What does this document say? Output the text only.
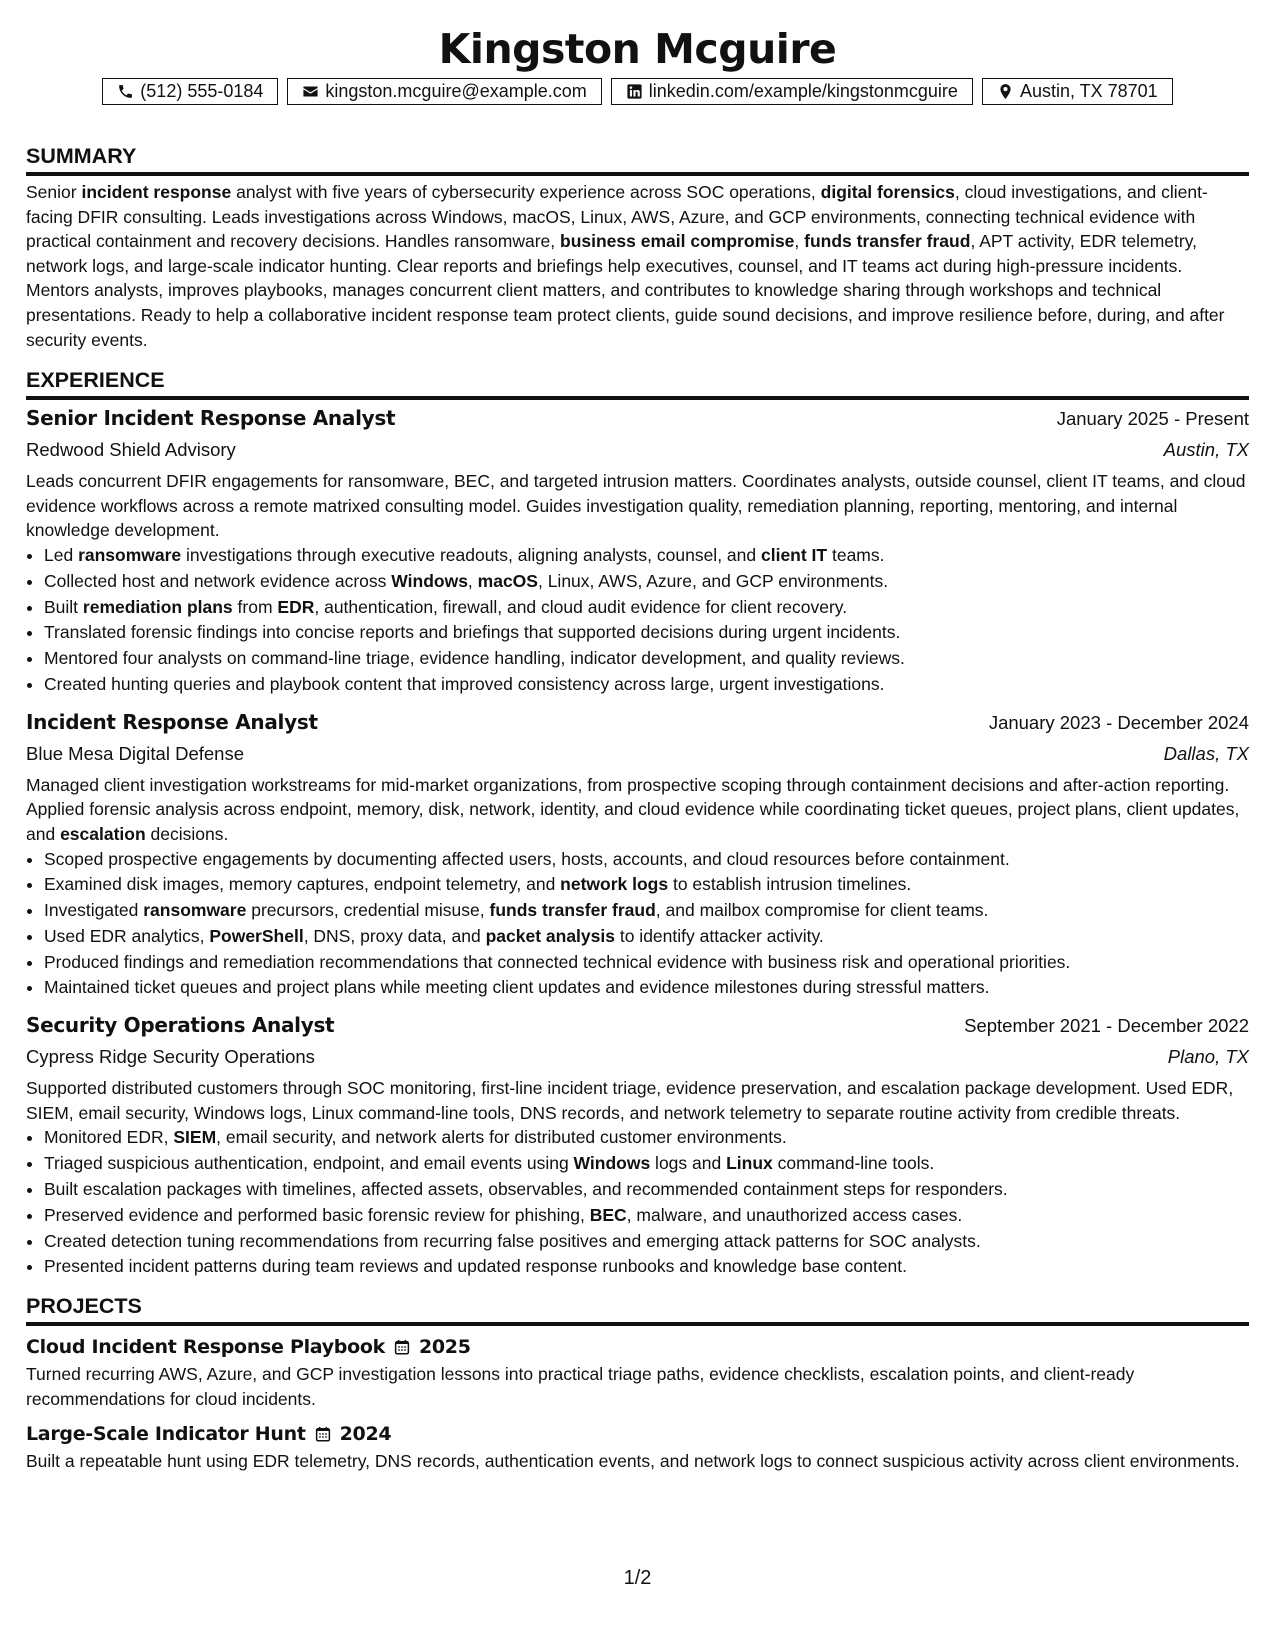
Kingston Mcguire
(512) 555-0184	kingston.mcguire@example.com	linkedin.com/example/kingstonmcguire	Austin, TX 78701
SUMMARY

Senior incident response analyst with five years of cybersecurity experience across SOC operations, digital forensics, cloud investigations, and client-facing DFIR consulting. Leads investigations across Windows, macOS, Linux, AWS, Azure, and GCP environments, connecting technical evidence with practical containment and recovery decisions. Handles ransomware, business email compromise, funds transfer fraud, APT activity, EDR telemetry, network logs, and large-scale indicator hunting. Clear reports and briefings help executives, counsel, and IT teams act during high-pressure incidents. Mentors analysts, improves playbooks, manages concurrent client matters, and contributes to knowledge sharing through workshops and technical presentations. Ready to help a collaborative incident response team protect clients, guide sound decisions, and improve resilience before, during, and after security events.

EXPERIENCE
Senior Incident Response Analyst	January 2025 - Present
Redwood Shield Advisory	Austin, TX

Leads concurrent DFIR engagements for ransomware, BEC, and targeted intrusion matters. Coordinates analysts, outside counsel, client IT teams, and cloud evidence workflows across a remote matrixed consulting model. Guides investigation quality, remediation planning, reporting, mentoring, and internal knowledge development.

• Led ransomware investigations through executive readouts, aligning analysts, counsel, and client IT teams.
• Collected host and network evidence across Windows, macOS, Linux, AWS, Azure, and GCP environments.
• Built remediation plans from EDR, authentication, firewall, and cloud audit evidence for client recovery.
• Translated forensic findings into concise reports and briefings that supported decisions during urgent incidents.
• Mentored four analysts on command-line triage, evidence handling, indicator development, and quality reviews.
• Created hunting queries and playbook content that improved consistency across large, urgent investigations.
Incident Response Analyst	January 2023 - December 2024
Blue Mesa Digital Defense	Dallas, TX

Managed client investigation workstreams for mid-market organizations, from prospective scoping through containment decisions and after-action reporting. Applied forensic analysis across endpoint, memory, disk, network, identity, and cloud evidence while coordinating ticket queues, project plans, client updates, and escalation decisions.

• Scoped prospective engagements by documenting affected users, hosts, accounts, and cloud resources before containment.
• Examined disk images, memory captures, endpoint telemetry, and network logs to establish intrusion timelines.
• Investigated ransomware precursors, credential misuse, funds transfer fraud, and mailbox compromise for client teams.
• Used EDR analytics, PowerShell, DNS, proxy data, and packet analysis to identify attacker activity.
• Produced findings and remediation recommendations that connected technical evidence with business risk and operational priorities.
• Maintained ticket queues and project plans while meeting client updates and evidence milestones during stressful matters.
Security Operations Analyst	September 2021 - December 2022
Cypress Ridge Security Operations	Plano, TX

Supported distributed customers through SOC monitoring, first-line incident triage, evidence preservation, and escalation package development. Used EDR, SIEM, email security, Windows logs, Linux command-line tools, DNS records, and network telemetry to separate routine activity from credible threats.

• Monitored EDR, SIEM, email security, and network alerts for distributed customer environments.
• Triaged suspicious authentication, endpoint, and email events using Windows logs and Linux command-line tools.
• Built escalation packages with timelines, affected assets, observables, and recommended containment steps for responders.
• Preserved evidence and performed basic forensic review for phishing, BEC, malware, and unauthorized access cases.
• Created detection tuning recommendations from recurring false positives and emerging attack patterns for SOC analysts.
• Presented incident patterns during team reviews and updated response runbooks and knowledge base content.
PROJECTS
Cloud Incident Response Playbook 2025

Turned recurring AWS, Azure, and GCP investigation lessons into practical triage paths, evidence checklists, escalation points, and client-ready recommendations for cloud incidents.

Large-Scale Indicator Hunt 2024

Built a repeatable hunt using EDR telemetry, DNS records, authentication events, and network logs to connect suspicious activity across client environments.

1/2
